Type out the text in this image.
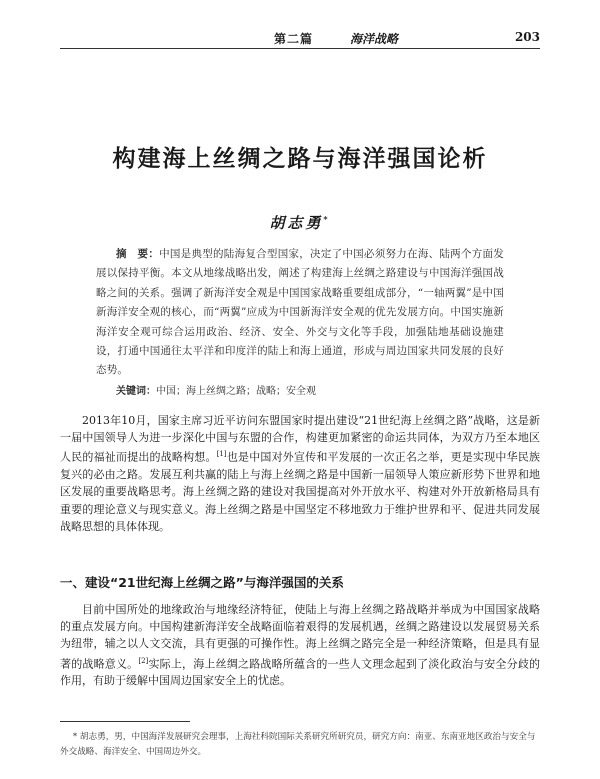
第二篇	海洋战略	203
构建海上丝绸之路与海洋强国论析
胡志勇*
摘　要：中国是典型的陆海复合型国家，决定了中国必须努力在海、陆两个方面发展以保持平衡。本文从地缘战略出发，阐述了构建海上丝绸之路建设与中国海洋强国战略之间的关系。强调了新海洋安全观是中国国家战略重要组成部分，“一轴两翼”是中国新海洋安全观的核心，而“两翼”应成为中国新海洋安全观的优先发展方向。中国实施新海洋安全观可综合运用政治、经济、安全、外交与文化等手段，加强陆地基础设施建设，打通中国通往太平洋和印度洋的陆上和海上通道，形成与周边国家共同发展的良好态势。
关键词：中国；海上丝绸之路；战略；安全观
2013年10月，国家主席习近平访问东盟国家时提出建设“21世纪海上丝绸之路”战略，这是新一届中国领导人为进一步深化中国与东盟的合作，构建更加紧密的命运共同体，为双方乃至本地区人民的福祉而提出的战略构想。[1]也是中国对外宣传和平发展的一次正名之举，更是实现中华民族复兴的必由之路。发展互利共赢的陆上与海上丝绸之路是中国新一届领导人策应新形势下世界和地区发展的重要战略思考。海上丝绸之路的建设对我国提高对外开放水平、构建对外开放新格局具有重要的理论意义与现实意义。海上丝绸之路是中国坚定不移地致力于维护世界和平、促进共同发展战略思想的具体体现。
一、建设“21世纪海上丝绸之路”与海洋强国的关系
目前中国所处的地缘政治与地缘经济特征，使陆上与海上丝绸之路战略并举成为中国国家战略的重点发展方向。中国构建新海洋安全战略面临着艰得的发展机遇，丝绸之路建设以发展贸易关系为纽带，辅之以人文交流，具有更强的可操作性。海上丝绸之路完全是一种经济策略，但是具有显著的战略意义。[2]实际上，海上丝绸之路战略所蕴含的一些人文理念起到了淡化政治与安全分歧的作用，有助于缓解中国周边国家安全上的忧虑。
* 胡志勇，男，中国海洋发展研究会理事，上海社科院国际关系研究所研究员，研究方向：南亚、东南亚地区政治与安全与外交战略、海洋安全、中国周边外交。
